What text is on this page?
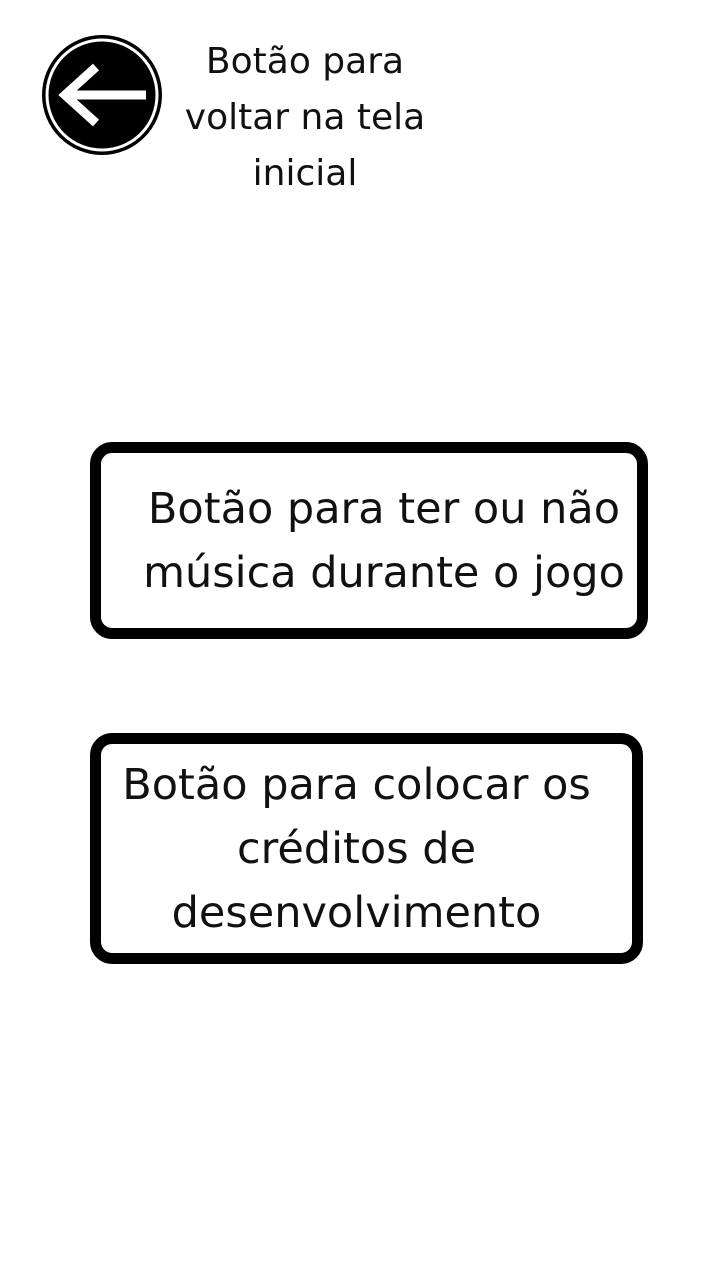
Botão para voltar na tela inicial

Botão para ter ou não música durante o jogo
Botão para colocar os créditos de desenvolvimento
